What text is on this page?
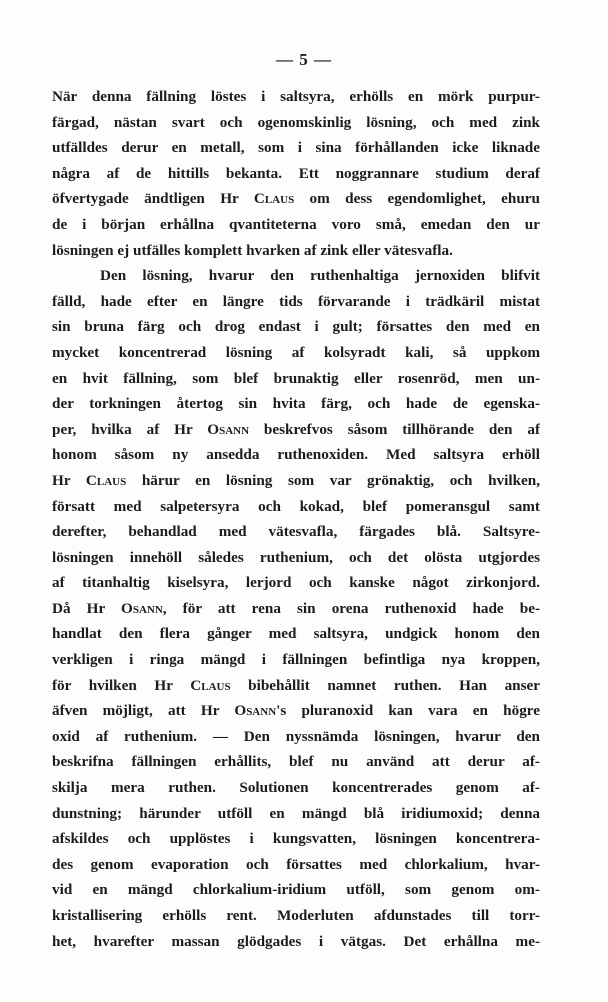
— 5 —
När denna fällning löstes i saltsyra, erhölls en mörk purpur-
färgad, nästan svart och ogenomskinlig lösning, och med zink
utfälldes derur en metall, som i sina förhållanden icke liknade
några af de hittills bekanta. Ett noggrannare studium deraf
öfvertygade ändtligen Hr Claus om dess egendomlighet, ehuru
de i början erhållna qvantiteterna voro små, emedan den ur
lösningen ej utfälles komplett hvarken af zink eller vätesvafla.
Den lösning, hvarur den ruthenhaltiga jernoxiden blifvit
fälld, hade efter en längre tids förvarande i trädkäril mistat
sin bruna färg och drog endast i gult; försattes den med en
mycket koncentrerad lösning af kolsyradt kali, så uppkom
en hvit fällning, som blef brunaktig eller rosenröd, men un-
der torkningen återtog sin hvita färg, och hade de egenska-
per, hvilka af Hr Osann beskrefvos såsom tillhörande den af
honom såsom ny ansedda ruthenoxiden. Med saltsyra erhöll
Hr Claus härur en lösning som var grönaktig, och hvilken,
försatt med salpetersyra och kokad, blef pomeransgul samt
derefter, behandlad med vätesvafla, färgades blå. Saltsyre-
lösningen innehöll således ruthenium, och det olösta utgjordes
af titanhaltig kiselsyra, lerjord och kanske något zirkonjord.
Då Hr Osann, för att rena sin orena ruthenoxid hade be-
handlat den flera gånger med saltsyra, undgick honom den
verkligen i ringa mängd i fällningen befintliga nya kroppen,
för hvilken Hr Claus bibehållit namnet ruthen. Han anser
äfven möjligt, att Hr Osann's pluranoxid kan vara en högre
oxid af ruthenium. — Den nyssnämda lösningen, hvarur den
beskrifna fällningen erhållits, blef nu använd att derur af-
skilja mera ruthen. Solutionen koncentrerades genom af-
dunstning; härunder utföll en mängd blå iridiumoxid; denna
afskildes och upplöstes i kungsvatten, lösningen koncentrera-
des genom evaporation och försattes med chlorkalium, hvar-
vid en mängd chlorkalium-iridium utföll, som genom om-
kristallisering erhölls rent. Moderluten afdunstades till torr-
het, hvarefter massan glödgades i vätgas. Det erhållna me-
